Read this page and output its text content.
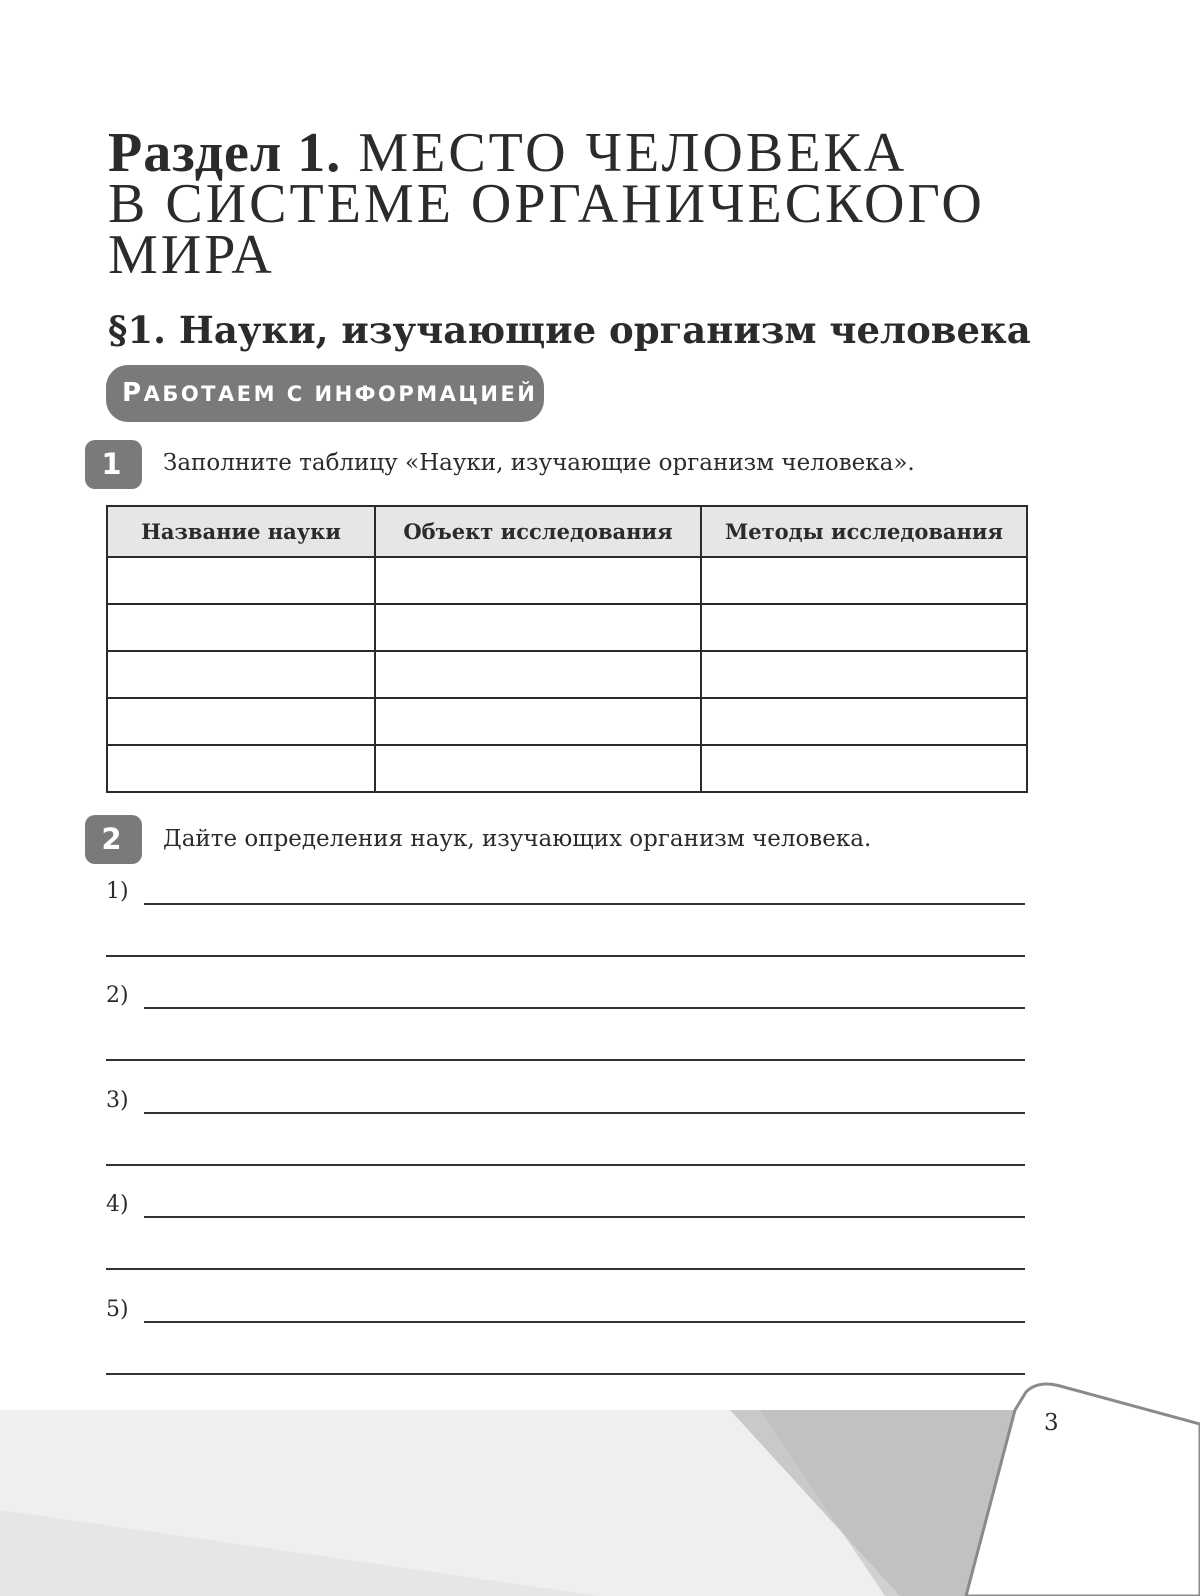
Раздел 1. МЕСТО ЧЕЛОВЕКА
В СИСТЕМЕ ОРГАНИЧЕСКОГО
МИРА
§1. Науки, изучающие организм человека
РАБОТАЕМ С ИНФОРМАЦИЕЙ
1	Заполните таблицу «Науки, изучающие организм человека».
Название науки	Объект исследования	Методы исследования

2	Дайте определения наук, изучающих организм человека.
1)
2)
3)
4)
5)
3
